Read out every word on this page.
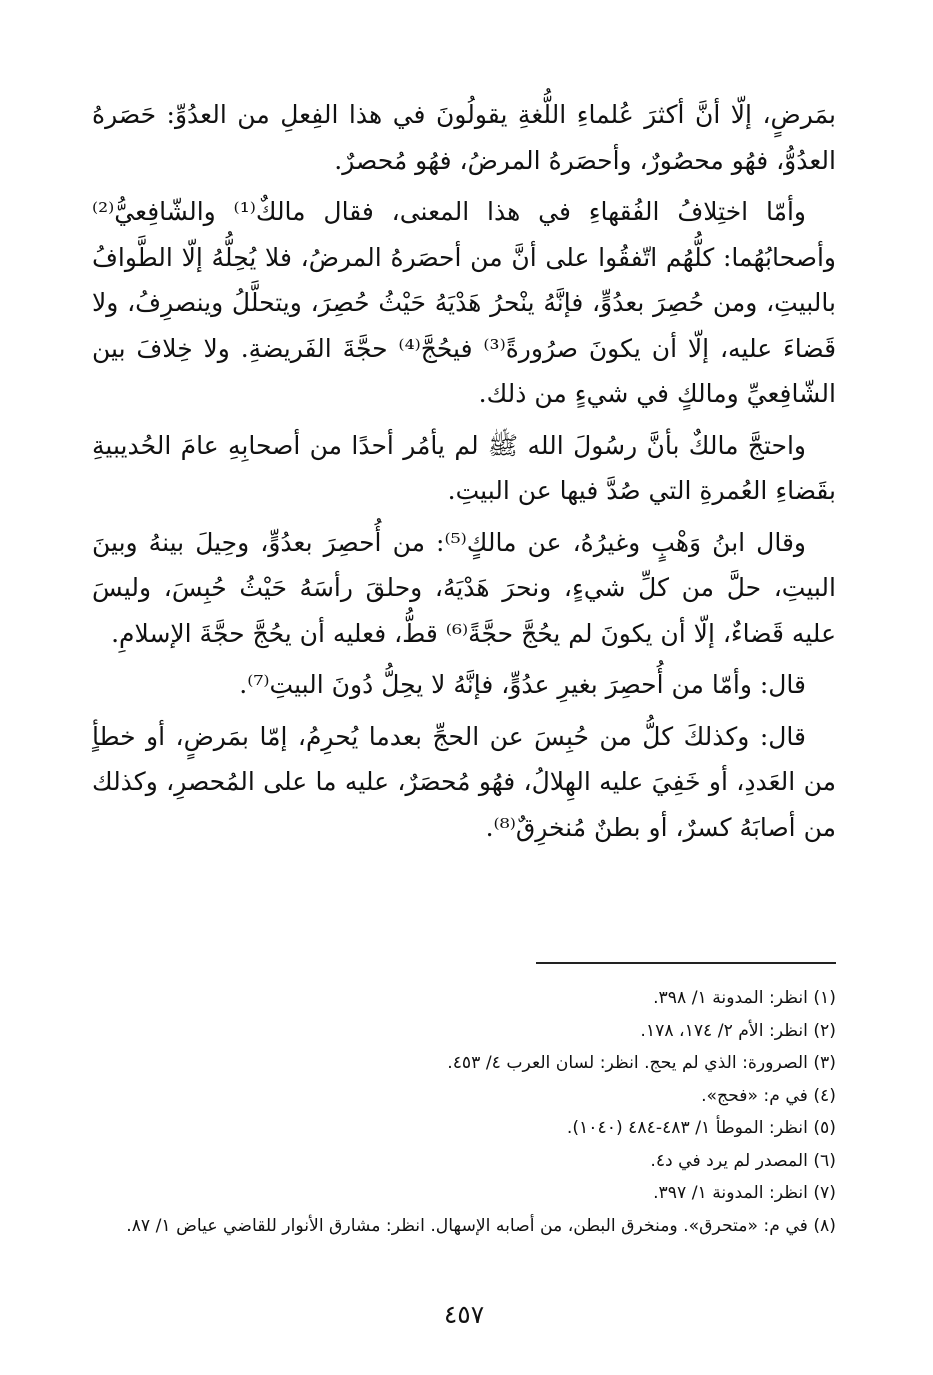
بمَرضٍ، إلّا أنَّ أكثرَ عُلماءِ اللُّغةِ يقولُونَ في هذا الفِعلِ من العدُوِّ: حَصَرهُ العدُوُّ، فهُو محصُورٌ، وأحصَرهُ المرضُ، فهُو مُحصرٌ.

وأمّا اختِلافُ الفُقهاءِ في هذا المعنى، فقال مالكٌ⁽¹⁾ والشّافِعيُّ⁽²⁾ وأصحابُهُما: كلُّهُم اتّفقُوا على أنَّ من أحصَرهُ المرضُ، فلا يُحِلُّهُ إلّا الطَّوافُ بالبيتِ، ومن حُصِرَ بعدُوٍّ، فإنَّهُ ينْحرُ هَدْيَهُ حَيْثُ حُصِرَ، ويتحلَّلُ وينصرِفُ، ولا قَضاءَ عليه، إلّا أن يكونَ صرُورةً⁽³⁾ فيحُجَّ⁽⁴⁾ حجَّةَ الفَريضةِ. ولا خِلافَ بين الشّافِعيِّ ومالكٍ في شيءٍ من ذلك.

واحتجَّ مالكٌ بأنَّ رسُولَ الله ﷺ لم يأمُر أحدًا من أصحابِهِ عامَ الحُديبيةِ بقَضاءِ العُمرةِ التي صُدَّ فيها عن البيتِ.

وقال ابنُ وَهْبٍ وغيرُهُ، عن مالكٍ⁽⁵⁾: من أُحصِرَ بعدُوٍّ، وحِيلَ بينهُ وبينَ البيتِ، حلَّ من كلِّ شيءٍ، ونحرَ هَدْيَهُ، وحلقَ رأسَهُ حَيْثُ حُبِسَ، وليسَ عليه قَضاءٌ، إلّا أن يكونَ لم يحُجَّ حجَّةً⁽⁶⁾ قطُّ، فعليه أن يحُجَّ حجَّةَ الإسلامِ.

قال: وأمّا من أُحصِرَ بغيرِ عدُوٍّ، فإنَّهُ لا يحِلُّ دُونَ البيتِ⁽⁷⁾.

قال: وكذلكَ كلُّ من حُبِسَ عن الحجِّ بعدما يُحرِمُ، إمّا بمَرضٍ، أو خطأٍ من العَددِ، أو خَفِيَ عليه الهِلالُ، فهُو مُحصَرٌ، عليه ما على المُحصرِ، وكذلك من أصابَهُ كسرٌ، أو بطنٌ مُنخرِقٌ⁽⁸⁾.

(١) انظر: المدونة ١/ ٣٩٨.

(٢) انظر: الأم ٢/ ١٧٤، ١٧٨.

(٣) الصرورة: الذي لم يحج. انظر: لسان العرب ٤/ ٤٥٣.

(٤) في م: «فحج».

(٥) انظر: الموطأ ١/ ٤٨٣-٤٨٤ (١٠٤٠).

(٦) المصدر لم يرد في د٤.

(٧) انظر: المدونة ١/ ٣٩٧.

(٨) في م: «متحرق». ومنخرق البطن، من أصابه الإسهال. انظر: مشارق الأنوار للقاضي عياض ١/ ٨٧.

٤٥٧
